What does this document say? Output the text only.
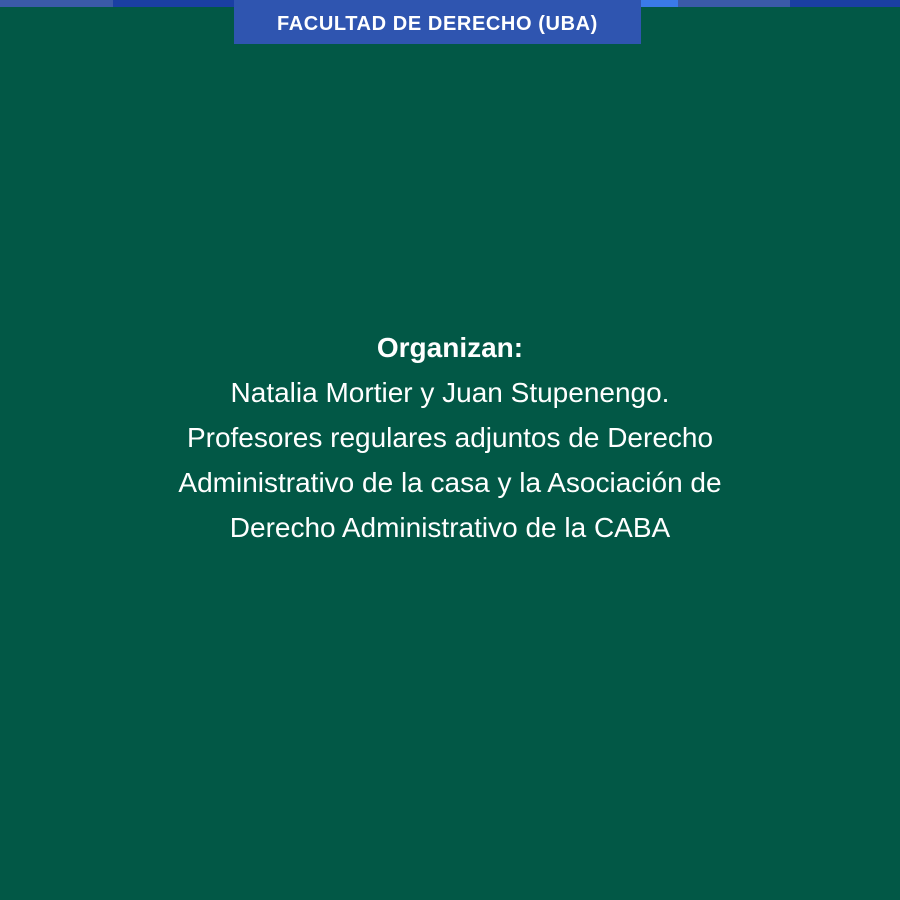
FACULTAD DE DERECHO (UBA)
Organizan:
Natalia Mortier y Juan Stupenengo.
Profesores regulares adjuntos de Derecho
Administrativo de la casa y la Asociación de
Derecho Administrativo de la CABA
